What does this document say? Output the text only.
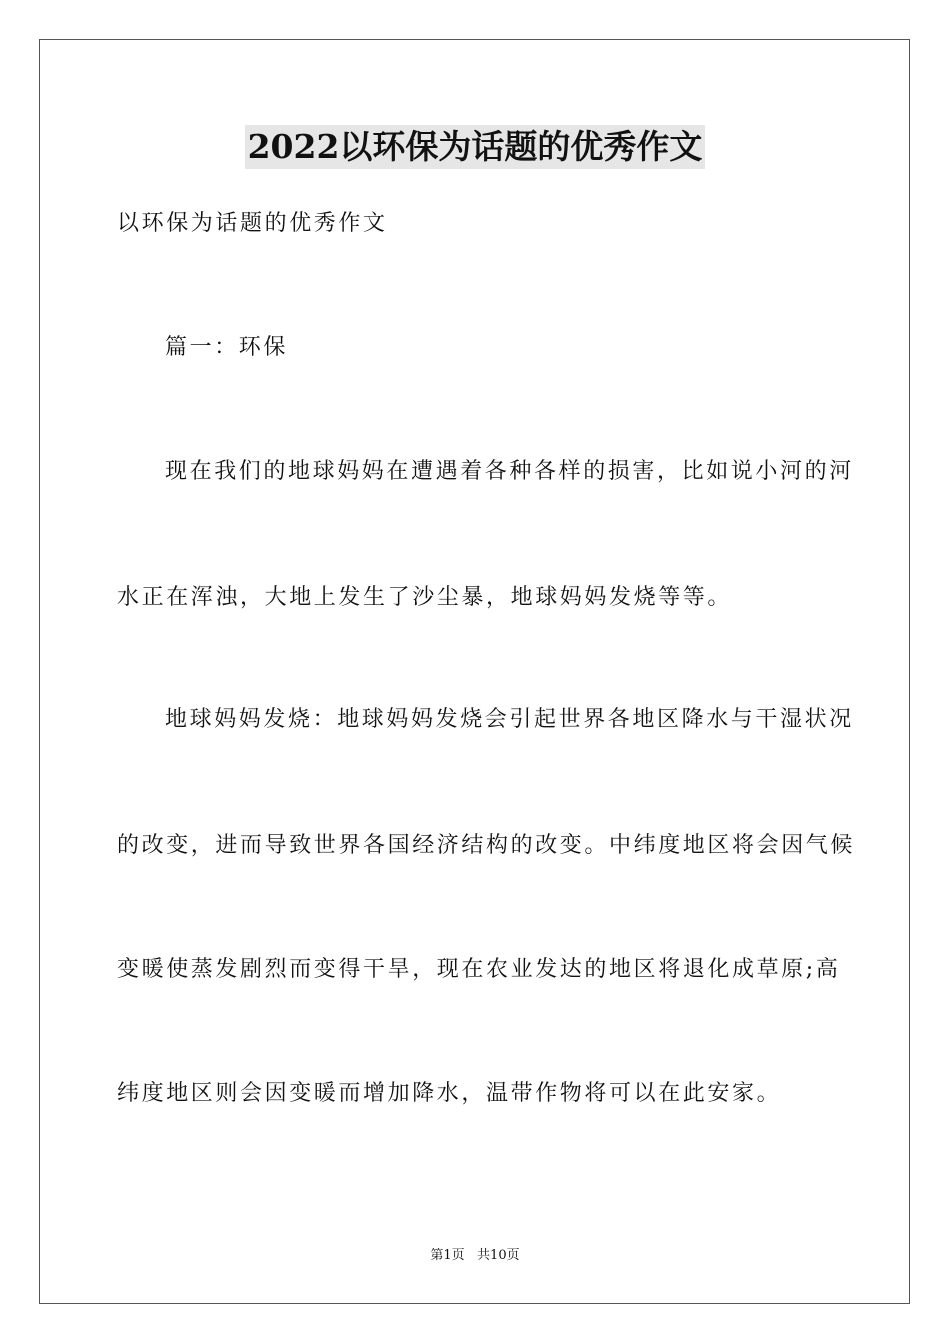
2022以环保为话题的优秀作文
以环保为话题的优秀作文
篇一：环保
现在我们的地球妈妈在遭遇着各种各样的损害，比如说小河的河
水正在浑浊，大地上发生了沙尘暴，地球妈妈发烧等等。
地球妈妈发烧：地球妈妈发烧会引起世界各地区降水与干湿状况
的改变，进而导致世界各国经济结构的改变。中纬度地区将会因气候
变暖使蒸发剧烈而变得干旱，现在农业发达的地区将退化成草原;高
纬度地区则会因变暖而增加降水，温带作物将可以在此安家。
第1页   共10页
